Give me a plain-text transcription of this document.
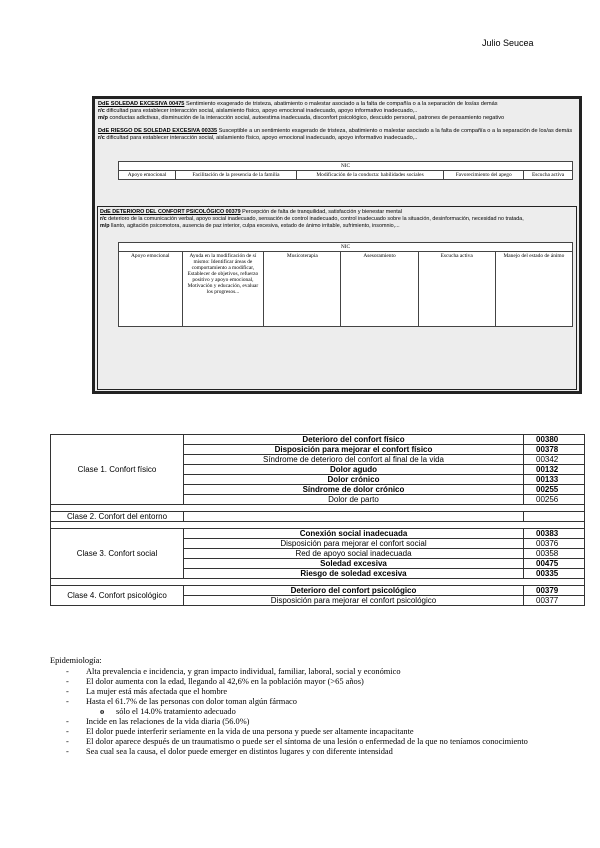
Julio Seucea

DdE SOLEDAD EXCESIVA 00475 Sentimiento exagerado de tristeza, abatimiento o malestar asociado a la falta de compañía o a la separación de los/as demás

r/c dificultad para establecer interacción social, aislamiento físico, apoyo emocional inadecuado, apoyo informativo inadecuado,..

m/p conductas adictivas, disminución de la interacción social, autoestima inadecuada, disconfort psicológico, descuido personal, patrones de pensamiento negativo

DdE RIESGO DE SOLEDAD EXCESIVA 00335 Susceptible a un sentimiento exagerado de tristeza, abatimiento o malestar asociado a la falta de compañía o a la separación de los/as demás

r/c dificultad para establecer interacción social, aislamiento físico, apoyo emocional inadecuado, apoyo informativo inadecuado,..

NIC
Apoyo emocional	Facilitación de la presencia de la familia	Modificación de la conducta: habilidades sociales	Favorecimiento del apego	Escucha activa

DdE DETERIORO DEL CONFORT PSICOLÓGICO 00379 Percepción de falta de tranquilidad, satisfacción y bienestar mental

r/c deterioro de la comunicación verbal, apoyo social inadecuado, sensación de control inadecuado, control inadecuado sobre la situación, desinformación, necesidad no tratada,

m/p llanto, agitación psicomotora, ausencia de paz interior, culpa excesiva, estado de ánimo irritable, sufrimiento, insomnio,...

NIC
Apoyo emocional	Ayuda en la modificación de sí mismo: Identificar áreas de comportamiento a modificar, Establecer de objetivos, refuerzo positivo y apoyo emocional, Motivación y educación, evaluar los progresos...	Musicoterapia	Asesoramiento	Escucha activa	Manejo del estado de ánimo
Clase 1. Confort físico	Deterioro del confort físico	00380
	Disposición para mejorar el confort físico	00378
	Síndrome de deterioro del confort al final de la vida	00342
	Dolor agudo	00132
	Dolor crónico	00133
	Síndrome de dolor crónico	00255
	Dolor de parto	00256

Clase 2. Confort del entorno		

Clase 3. Confort social	Conexión social inadecuada	00383
	Disposición para mejorar el confort social	00376
	Red de apoyo social inadecuada	00358
	Soledad excesiva	00475
	Riesgo de soledad excesiva	00335

Clase 4. Confort psicológico	Deterioro del confort psicológico	00379
	Disposición para mejorar el confort psicológico	00377
Epidemiología:
- Alta prevalencia e incidencia, y gran impacto individual, familiar, laboral, social y económico
- El dolor aumenta con la edad, llegando al 42,6% en la población mayor (>65 años)
- La mujer está más afectada que el hombre
- Hasta el 61.7% de las personas con dolor toman algún fármaco
o sólo el 14.0% tratamiento adecuado
- Incide en las relaciones de la vida diaria (56.0%)
- El dolor puede interferir seriamente en la vida de una persona y puede ser altamente incapacitante
- El dolor aparece después de un traumatismo o puede ser el síntoma de una lesión o enfermedad de la que no teníamos conocimiento
- Sea cual sea la causa, el dolor puede emerger en distintos lugares y con diferente intensidad
